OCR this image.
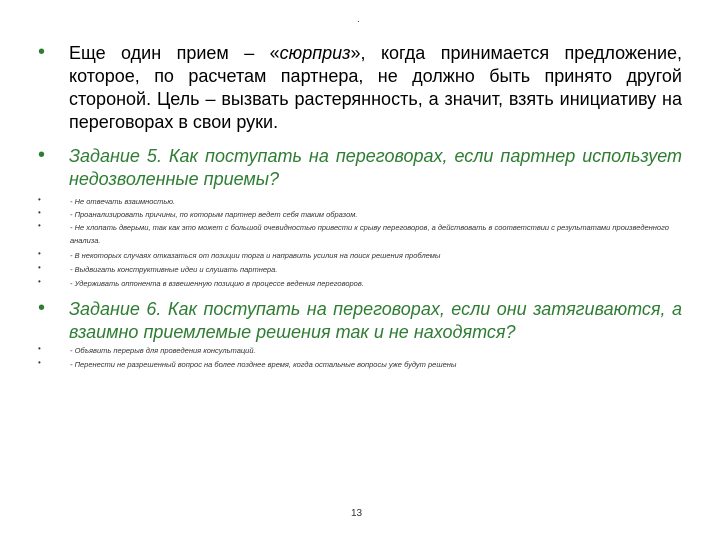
.
• Еще один прием – «сюрприз», когда принимается предложение, которое, по расчетам партнера, не должно быть принято другой стороной. Цель – вызвать растерянность, а значит, взять инициативу на переговорах в свои руки.
• Задание 5. Как поступать на переговорах, если партнер использует недозволенные приемы?
•	- Не отвечать взаимностью.
•	- Проанализировать причины, по которым партнер ведет себя таким образом.
•	- Не хлопать дверьми, так как это может с большой очевидностью привести к срыву переговоров, а действовать в соответствии с результатами произведенного анализа.
•	- В некоторых случаях отказаться от позиции торга и направить усилия на поиск решения проблемы
•	- Выдвигать конструктивные идеи и слушать партнера.
•	- Удерживать оппонента в взвешенную позицию в процессе ведения переговоров.
• Задание 6. Как поступать на переговорах, если они затягиваются, а взаимно приемлемые решения так и не находятся?
•	- Объявить перерыв для проведения консультаций.
•	- Перенести не разрешенный вопрос на более позднее время, когда остальные вопросы уже будут решены
13
